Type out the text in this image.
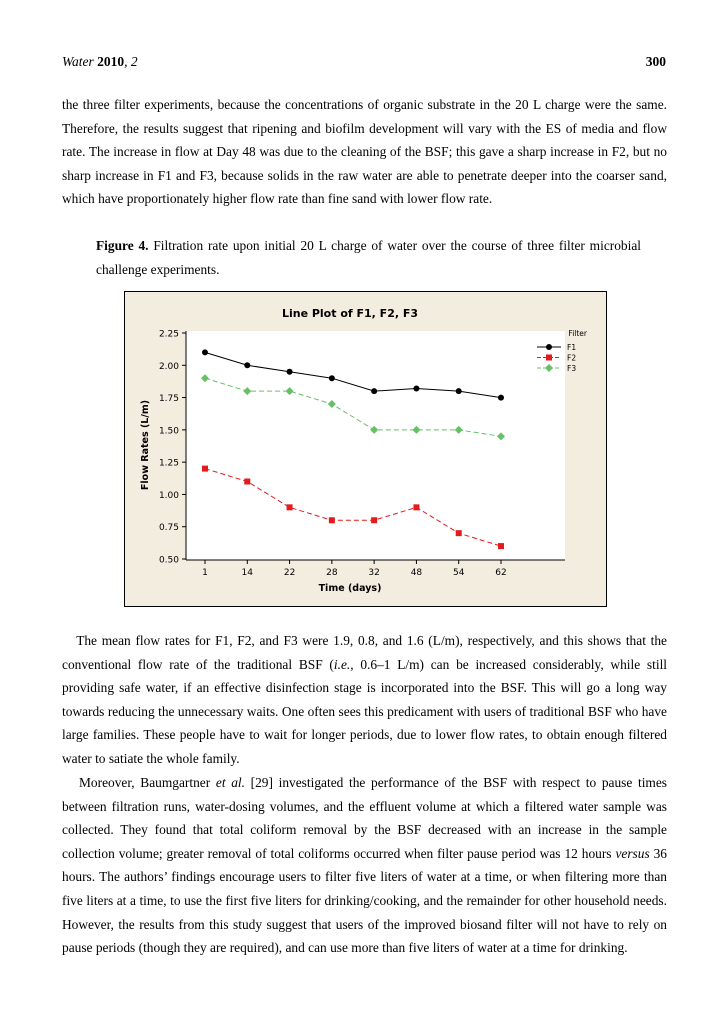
Water 2010, 2	300

the three filter experiments, because the concentrations of organic substrate in the 20 L charge were the same. Therefore, the results suggest that ripening and biofilm development will vary with the ES of media and flow rate. The increase in flow at Day 48 was due to the cleaning of the BSF; this gave a sharp increase in F2, but no sharp increase in F1 and F3, because solids in the raw water are able to penetrate deeper into the coarser sand, which have proportionately higher flow rate than fine sand with lower flow rate.

Figure 4. Filtration rate upon initial 20 L charge of water over the course of three filter microbial challenge experiments.

Line Plot of F1, F2, F3
Time (days)
Flow Rates (L/m)
0.50
0.75
1.00
1.25
1.50
1.75
2.00
2.25
1	14	22	28	32	48	54	62
Filter
F1
F2
F3

The mean flow rates for F1, F2, and F3 were 1.9, 0.8, and 1.6 (L/m), respectively, and this shows that the conventional flow rate of the traditional BSF (i.e., 0.6–1 L/m) can be increased considerably, while still providing safe water, if an effective disinfection stage is incorporated into the BSF. This will go a long way towards reducing the unnecessary waits. One often sees this predicament with users of traditional BSF who have large families. These people have to wait for longer periods, due to lower flow rates, to obtain enough filtered water to satiate the whole family.

Moreover, Baumgartner et al. [29] investigated the performance of the BSF with respect to pause times between filtration runs, water-dosing volumes, and the effluent volume at which a filtered water sample was collected. They found that total coliform removal by the BSF decreased with an increase in the sample collection volume; greater removal of total coliforms occurred when filter pause period was 12 hours versus 36 hours. The authors’ findings encourage users to filter five liters of water at a time, or when filtering more than five liters at a time, to use the first five liters for drinking/cooking, and the remainder for other household needs. However, the results from this study suggest that users of the improved biosand filter will not have to rely on pause periods (though they are required), and can use more than five liters of water at a time for drinking.
